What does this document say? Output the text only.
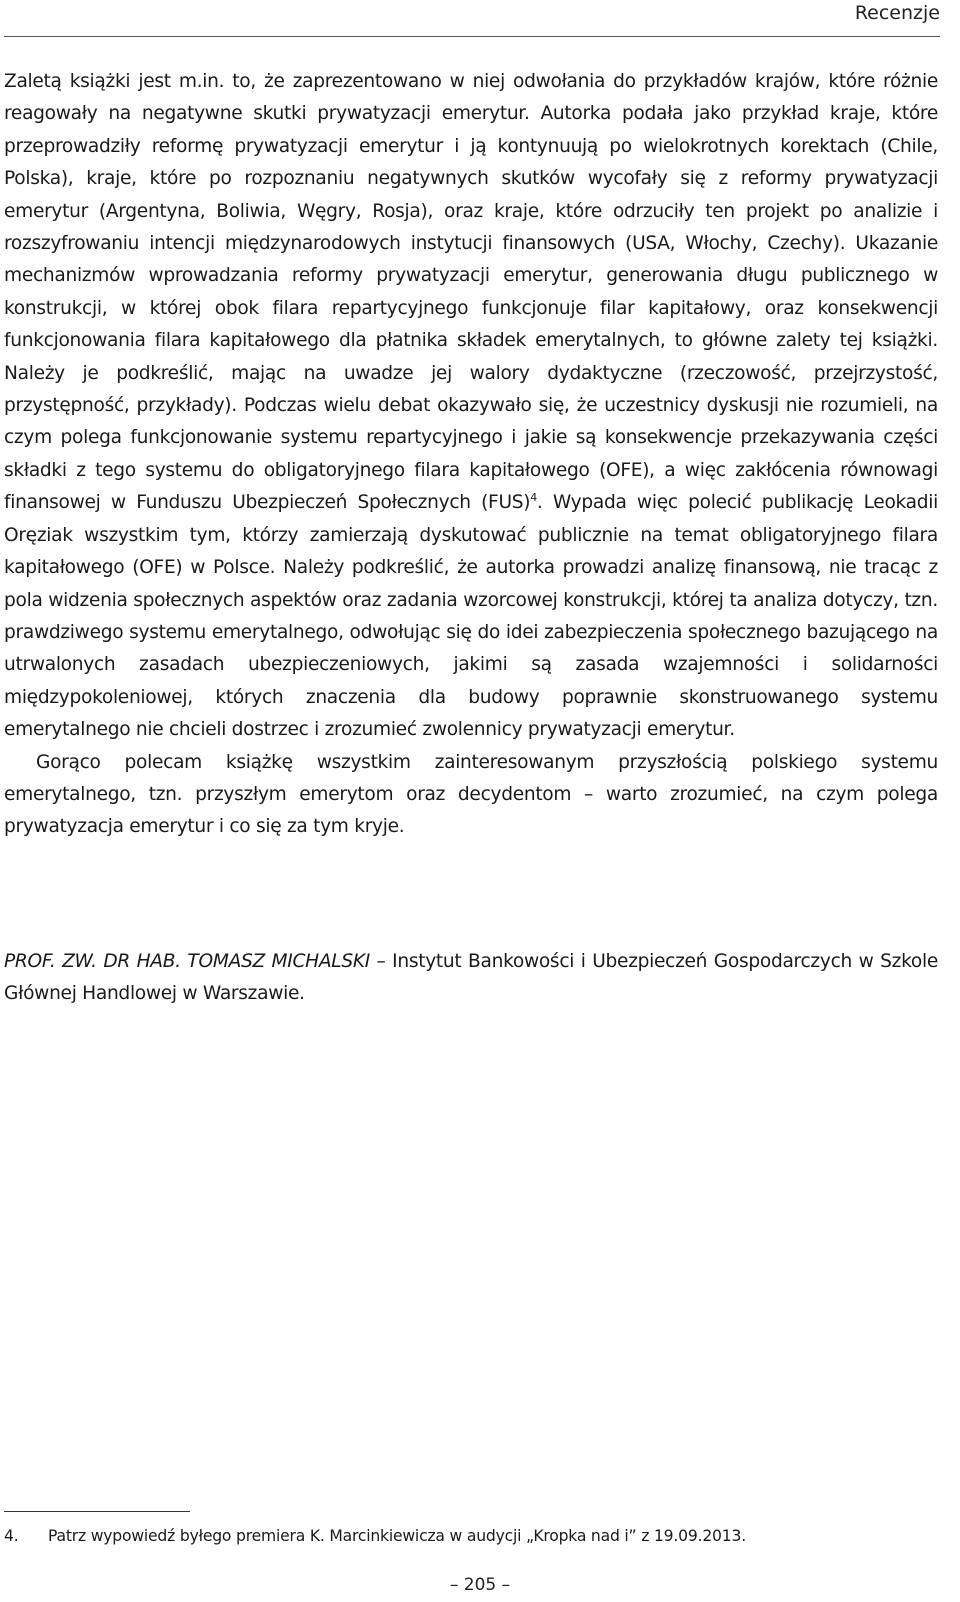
Recenzje

Zaletą książki jest m.in. to, że zaprezentowano w niej odwołania do przykładów krajów, które różnie reagowały na negatywne skutki prywatyzacji emerytur. Autorka podała jako przykład kraje, które przeprowadziły reformę prywatyzacji emerytur i ją kontynuują po wielokrotnych korektach (Chile, Polska), kraje, które po rozpoznaniu negatywnych skutków wycofały się z reformy prywatyzacji emerytur (Argentyna, Boliwia, Węgry, Rosja), oraz kraje, które odrzuciły ten projekt po analizie i rozszyfrowaniu intencji międzynarodowych instytucji finansowych (USA, Włochy, Czechy). Ukazanie mechanizmów wprowadzania reformy prywatyzacji emerytur, generowania długu publicznego w konstrukcji, w której obok filara repartycyjnego funkcjonuje filar kapitałowy, oraz konsekwencji funkcjonowania filara kapitałowego dla płatnika składek emerytalnych, to główne zalety tej książki. Należy je podkreślić, mając na uwadze jej walory dydaktyczne (rzeczowość, przejrzystość, przystępność, przykłady). Podczas wielu debat okazywało się, że uczestnicy dyskusji nie rozumieli, na czym polega funkcjonowanie systemu repartycyjnego i jakie są konsekwencje przekazywania części składki z tego systemu do obligatoryjnego filara kapitałowego (OFE), a więc zakłócenia równowagi finansowej w Funduszu Ubezpieczeń Społecznych (FUS)$^4$. Wypada więc polecić publikację Leokadii Oręziak wszystkim tym, którzy zamierzają dyskutować publicznie na temat obligatoryjnego filara kapitałowego (OFE) w Polsce. Należy podkreślić, że autorka prowadzi analizę finansową, nie tracąc z pola widzenia społecznych aspektów oraz zadania wzorcowej konstrukcji, której ta analiza dotyczy, tzn. prawdziwego systemu emerytalnego, odwołując się do idei zabezpieczenia społecznego bazującego na utrwalonych zasadach ubezpieczeniowych, jakimi są zasada wzajemności i solidarności międzypokoleniowej, których znaczenia dla budowy poprawnie skonstruowanego systemu emerytalnego nie chcieli dostrzec i zrozumieć zwolennicy prywatyzacji emerytur.

Gorąco polecam książkę wszystkim zainteresowanym przyszłością polskiego systemu emerytalnego, tzn. przyszłym emerytom oraz decydentom – warto zrozumieć, na czym polega prywatyzacja emerytur i co się za tym kryje.

PROF. ZW. DR HAB. TOMASZ MICHALSKI – Instytut Bankowości i Ubezpieczeń Gospodarczych w Szkole Głównej Handlowej w Warszawie.
4. Patrz wypowiedź byłego premiera K. Marcinkiewicza w audycji „Kropka nad i” z 19.09.2013.
– 205 –
